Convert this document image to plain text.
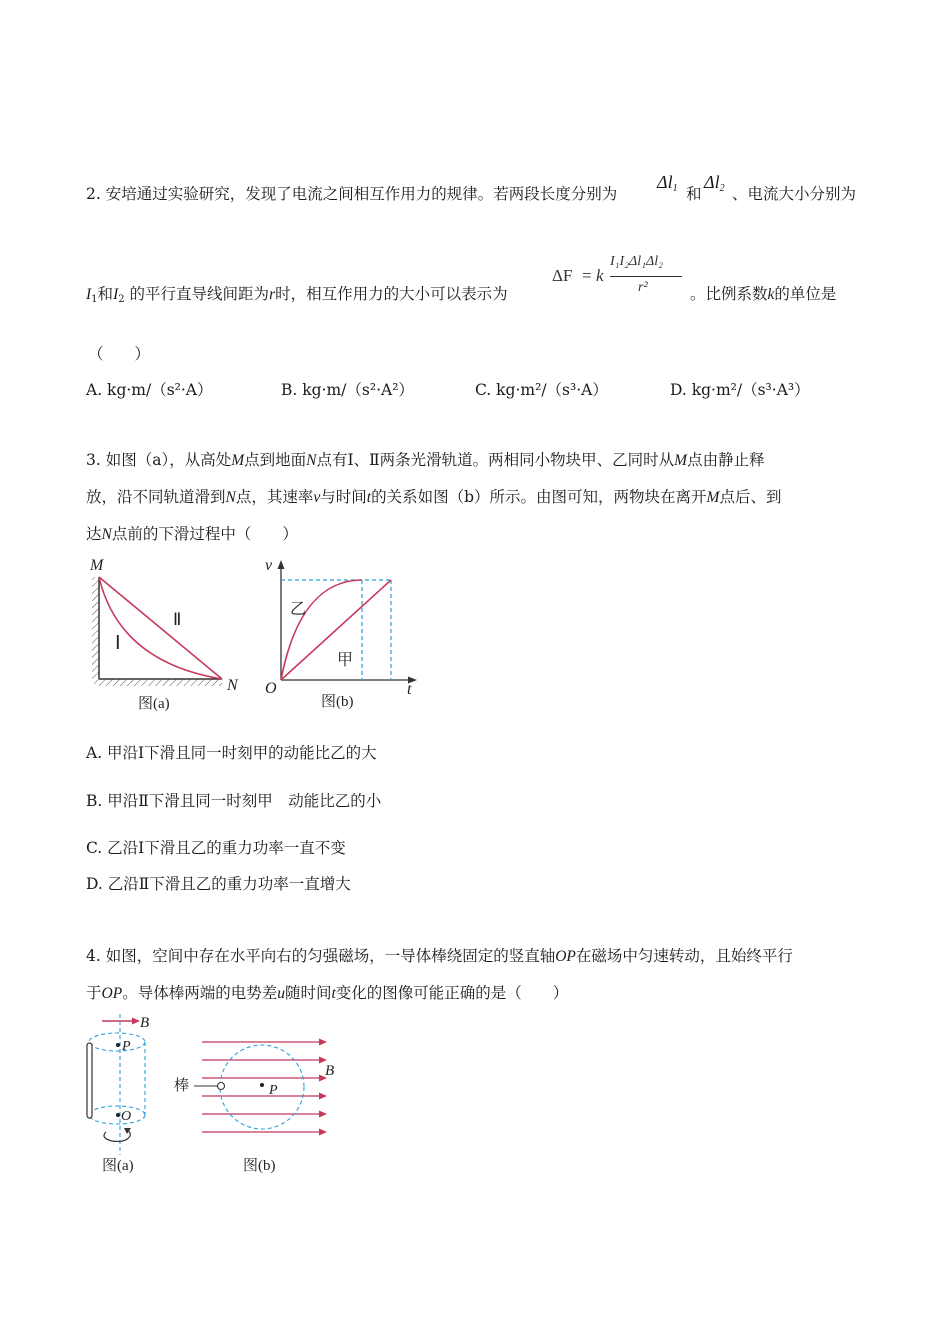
2. 安培通过实验研究，发现了电流之间相互作用力的规律。若两段长度分别为
$\Delta l_1$ 和
$\Delta l_2$ 、电流大小分别为
$I_1$和$I_2$ 的平行直导线间距为r时，相互作用力的大小可以表示为
ΔF = k
I₁I₂Δl₁Δl₂
r²	。比例系数k的单位是
（　　）
A. kg·m/（s²·A）	B. kg·m/（s²·A²）	C. kg·m²/（s³·A）	D. kg·m²/（s³·A³）
3. 如图（a），从高处M点到地面N点有Ⅰ、Ⅱ两条光滑轨道。两相同小物块甲、乙同时从M点由静止释
放，沿不同轨道滑到N点，其速率v与时间t的关系如图（b）所示。由图可知，两物块在离开M点后、到
达N点前的下滑过程中（　　）
M
N
Ⅰ
Ⅱ
图(a)
v
t
O
乙
甲
图(b)
A. 甲沿Ⅰ下滑且同一时刻甲的动能比乙的大
B. 甲沿Ⅱ下滑且同一时刻甲　动能比乙的小
C. 乙沿Ⅰ下滑且乙的重力功率一直不变
D. 乙沿Ⅱ下滑且乙的重力功率一直增大
4. 如图，空间中存在水平向右的匀强磁场，一导体棒绕固定的竖直轴OP在磁场中匀速转动，且始终平行
于OP。导体棒两端的电势差u随时间t变化的图像可能正确的是（　　）
B
P
O
图(a)
棒	P
B
图(b)
